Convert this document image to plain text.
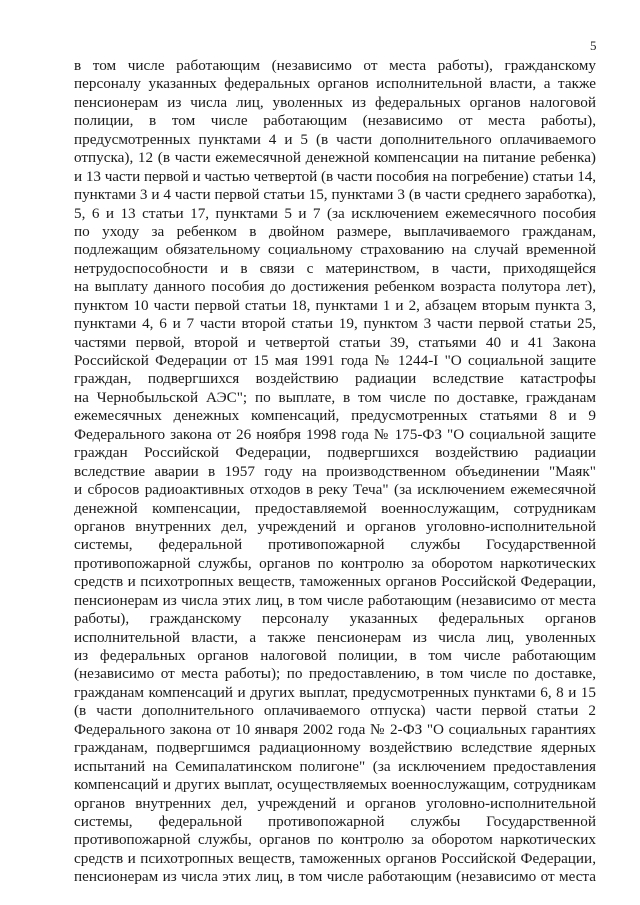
5
в том числе работающим (независимо от места работы), гражданскому
персоналу указанных федеральных органов исполнительной власти, а также
пенсионерам из числа лиц, уволенных из федеральных органов налоговой
полиции, в том числе работающим (независимо от места работы),
предусмотренных пунктами 4 и 5 (в части дополнительного оплачиваемого
отпуска), 12 (в части ежемесячной денежной компенсации на питание ребенка)
и 13 части первой и частью четвертой (в части пособия на погребение) статьи 14,
пунктами 3 и 4 части первой статьи 15, пунктами 3 (в части среднего заработка),
5, 6 и 13 статьи 17, пунктами 5 и 7 (за исключением ежемесячного пособия
по уходу за ребенком в двойном размере, выплачиваемого гражданам,
подлежащим обязательному социальному страхованию на случай временной
нетрудоспособности и в связи с материнством, в части, приходящейся
на выплату данного пособия до достижения ребенком возраста полутора лет),
пунктом 10 части первой статьи 18, пунктами 1 и 2, абзацем вторым пункта 3,
пунктами 4, 6 и 7 части второй статьи 19, пунктом 3 части первой статьи 25,
частями первой, второй и четвертой статьи 39, статьями 40 и 41 Закона
Российской Федерации от 15 мая 1991 года № 1244-I "О социальной защите
граждан, подвергшихся воздействию радиации вследствие катастрофы
на Чернобыльской АЭС"; по выплате, в том числе по доставке, гражданам
ежемесячных денежных компенсаций, предусмотренных статьями 8 и 9
Федерального закона от 26 ноября 1998 года № 175-ФЗ "О социальной защите
граждан Российской Федерации, подвергшихся воздействию радиации
вследствие аварии в 1957 году на производственном объединении "Маяк"
и сбросов радиоактивных отходов в реку Теча" (за исключением ежемесячной
денежной компенсации, предоставляемой военнослужащим, сотрудникам
органов внутренних дел, учреждений и органов уголовно-исполнительной
системы, федеральной противопожарной службы Государственной
противопожарной службы, органов по контролю за оборотом наркотических
средств и психотропных веществ, таможенных органов Российской Федерации,
пенсионерам из числа этих лиц, в том числе работающим (независимо от места
работы), гражданскому персоналу указанных федеральных органов
исполнительной власти, а также пенсионерам из числа лиц, уволенных
из федеральных органов налоговой полиции, в том числе работающим
(независимо от места работы); по предоставлению, в том числе по доставке,
гражданам компенсаций и других выплат, предусмотренных пунктами 6, 8 и 15
(в части дополнительного оплачиваемого отпуска) части первой статьи 2
Федерального закона от 10 января 2002 года № 2-ФЗ "О социальных гарантиях
гражданам, подвергшимся радиационному воздействию вследствие ядерных
испытаний на Семипалатинском полигоне" (за исключением предоставления
компенсаций и других выплат, осуществляемых военнослужащим, сотрудникам
органов внутренних дел, учреждений и органов уголовно-исполнительной
системы, федеральной противопожарной службы Государственной
противопожарной службы, органов по контролю за оборотом наркотических
средств и психотропных веществ, таможенных органов Российской Федерации,
пенсионерам из числа этих лиц, в том числе работающим (независимо от места
